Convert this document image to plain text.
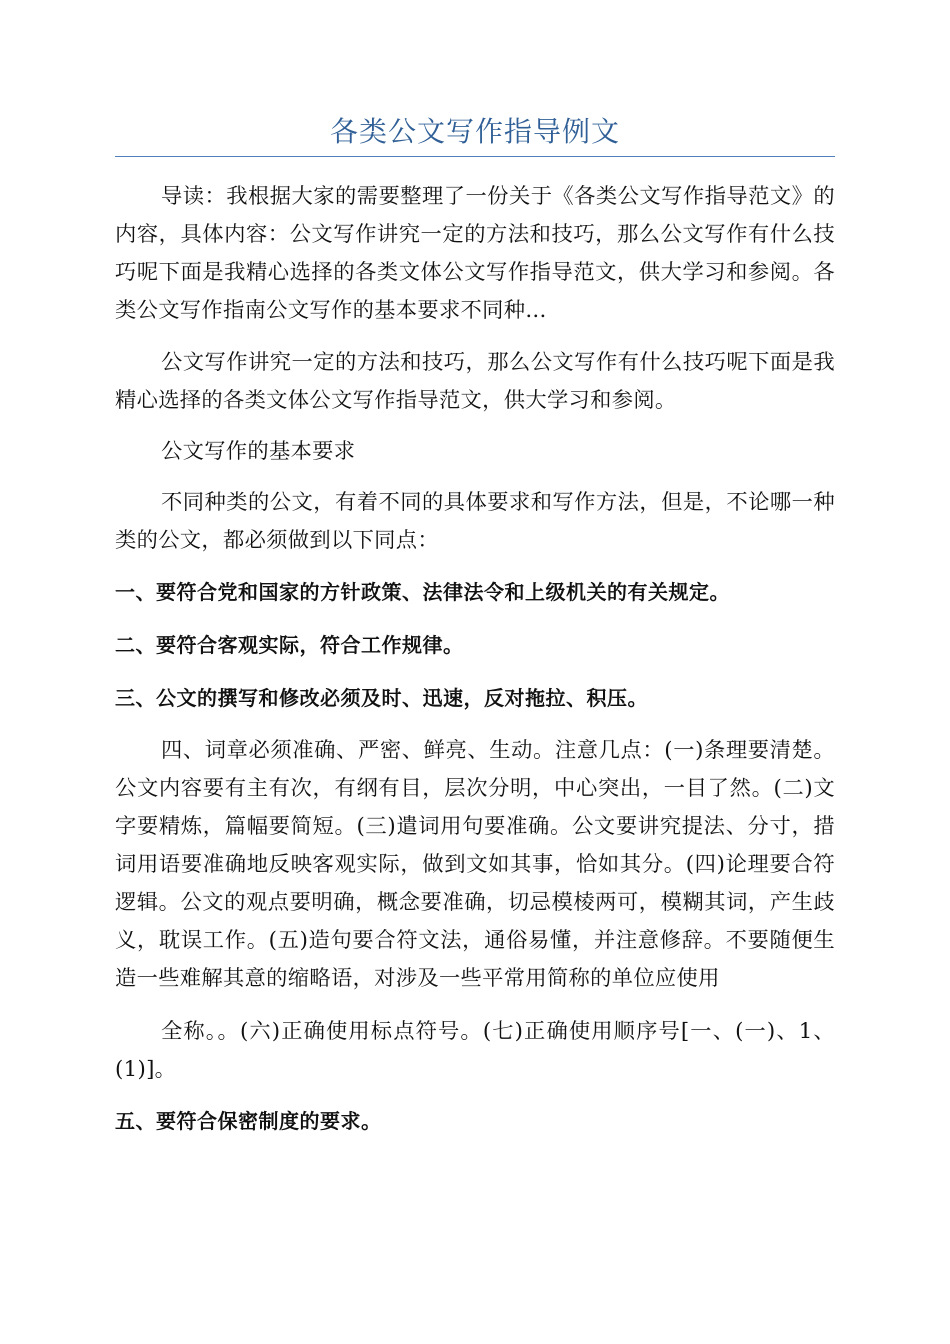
各类公文写作指导例文

导读：我根据大家的需要整理了一份关于《各类公文写作指导范文》的内容，具体内容：公文写作讲究一定的方法和技巧，那么公文写作有什么技巧呢下面是我精心选择的各类文体公文写作指导范文，供大学习和参阅。各类公文写作指南公文写作的基本要求不同种...

公文写作讲究一定的方法和技巧，那么公文写作有什么技巧呢下面是我精心选择的各类文体公文写作指导范文，供大学习和参阅。

公文写作的基本要求

不同种类的公文，有着不同的具体要求和写作方法，但是，不论哪一种类的公文，都必须做到以下同点：

一、要符合党和国家的方针政策、法律法令和上级机关的有关规定。

二、要符合客观实际，符合工作规律。

三、公文的撰写和修改必须及时、迅速，反对拖拉、积压。

四、词章必须准确、严密、鲜亮、生动。注意几点：(一)条理要清楚。公文内容要有主有次，有纲有目，层次分明，中心突出，一目了然。(二)文字要精炼，篇幅要简短。(三)遣词用句要准确。公文要讲究提法、分寸，措词用语要准确地反映客观实际，做到文如其事，恰如其分。(四)论理要合符逻辑。公文的观点要明确，概念要准确，切忌模棱两可，模糊其词，产生歧义，耽误工作。(五)造句要合符文法，通俗易懂，并注意修辞。不要随便生造一些难解其意的缩略语，对涉及一些平常用简称的单位应使用

全称。。(六)正确使用标点符号。(七)正确使用顺序号[一、(一)、1、(1)]。

五、要符合保密制度的要求。
